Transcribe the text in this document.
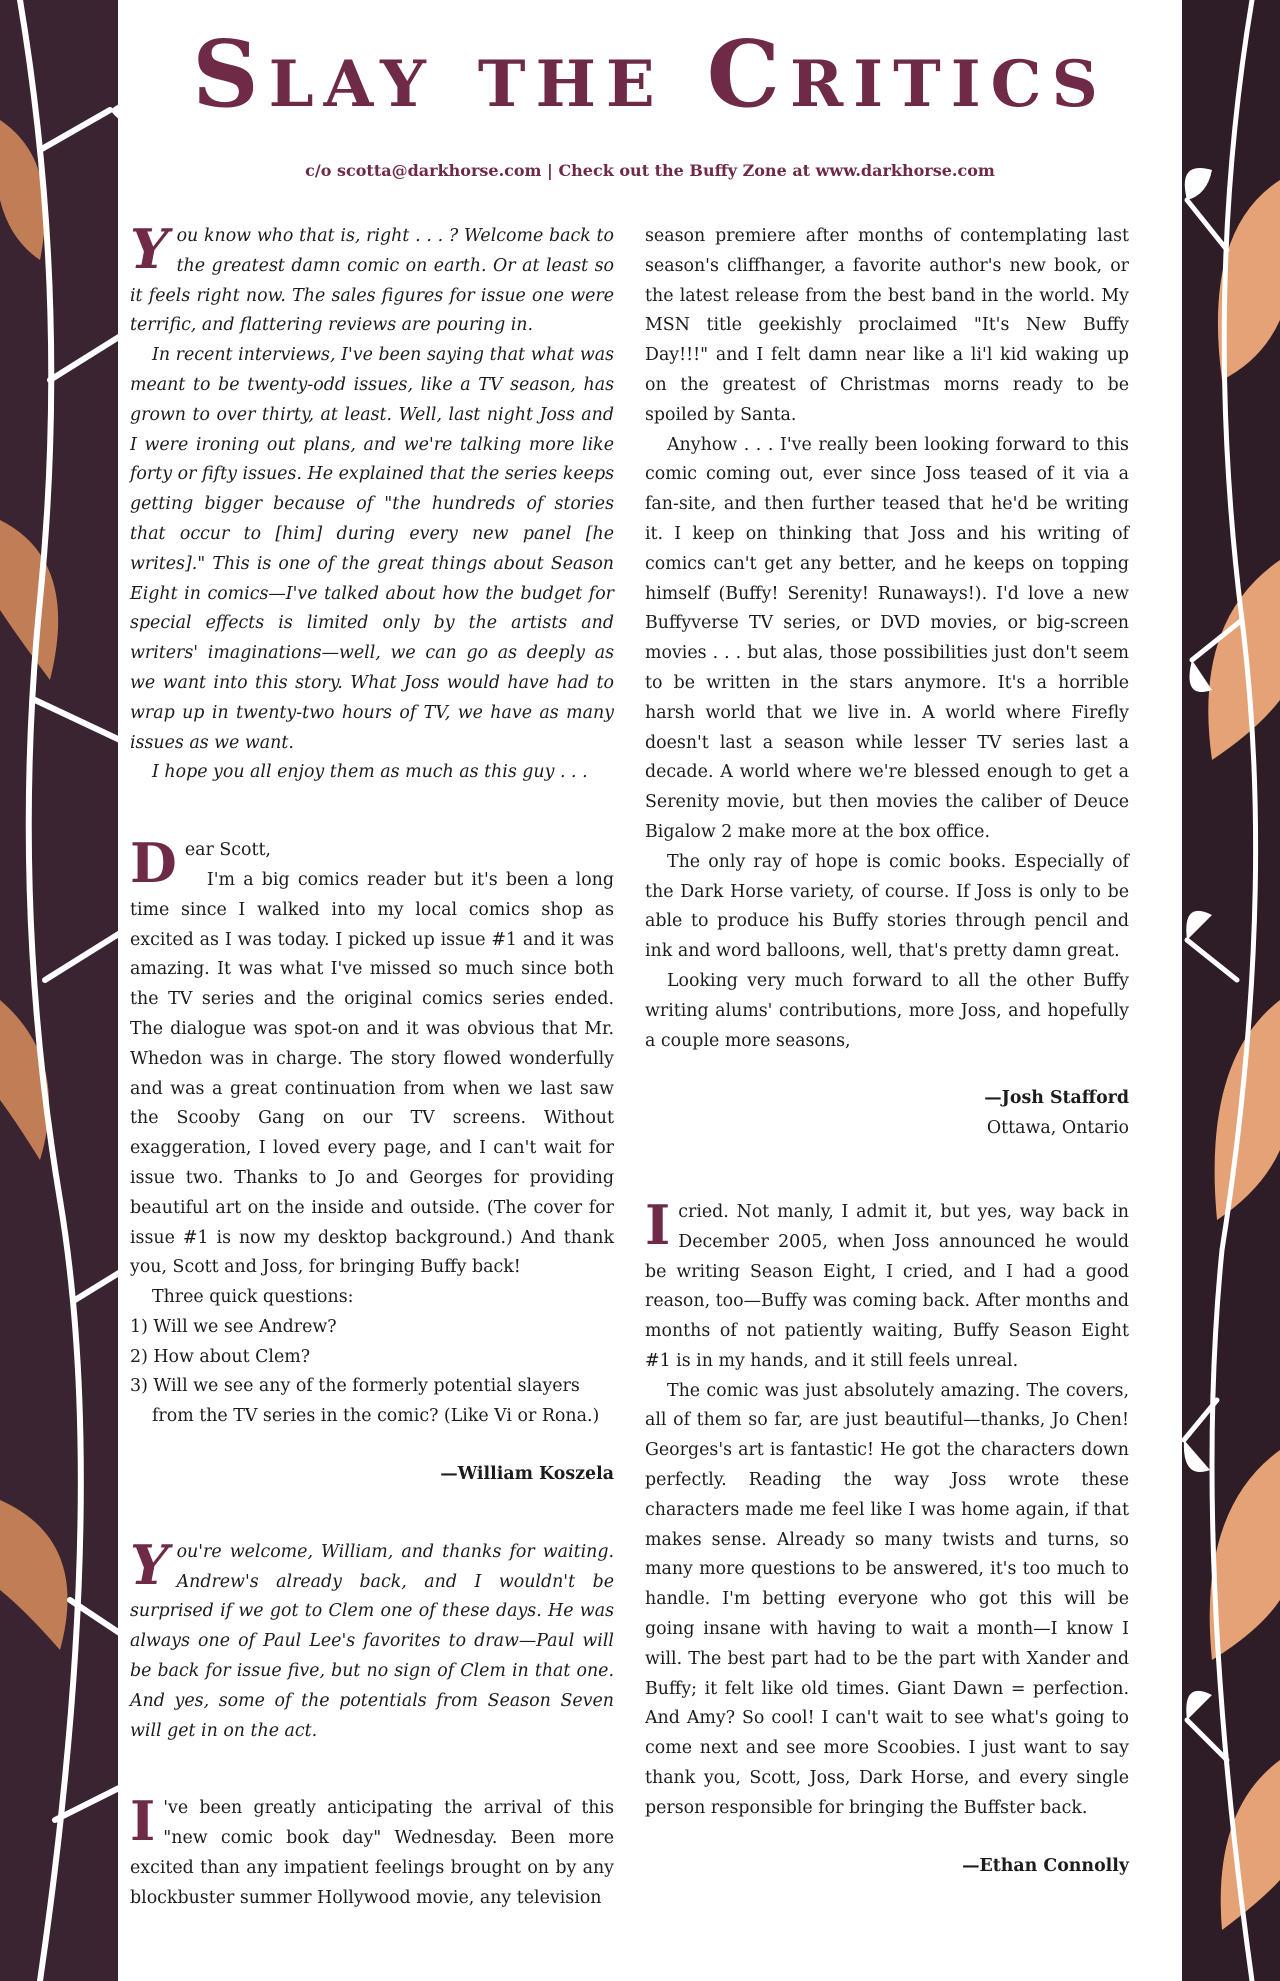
Slay the Critics
c/o scotta@darkhorse.com | Check out the Buffy Zone at www.darkhorse.com

You know who that is, right . . . ? Welcome back to the greatest damn comic on earth. Or at least so it feels right now. The sales figures for issue one were terrific, and flattering reviews are pouring in.

In recent interviews, I've been saying that what was meant to be twenty-odd issues, like a TV season, has grown to over thirty, at least. Well, last night Joss and I were ironing out plans, and we're talking more like forty or fifty issues. He explained that the series keeps getting bigger because of "the hundreds of stories that occur to [him] during every new panel [he writes]." This is one of the great things about Season Eight in comics—I've talked about how the budget for special effects is limited only by the artists and writers' imaginations—well, we can go as deeply as we want into this story. What Joss would have had to wrap up in twenty-two hours of TV, we have as many issues as we want.

I hope you all enjoy them as much as this guy . . .

Dear Scott,

I'm a big comics reader but it's been a long time since I walked into my local comics shop as excited as I was today. I picked up issue #1 and it was amazing. It was what I've missed so much since both the TV series and the original comics series ended. The dialogue was spot-on and it was obvious that Mr. Whedon was in charge. The story flowed wonderfully and was a great continuation from when we last saw the Scooby Gang on our TV screens. Without exaggeration, I loved every page, and I can't wait for issue two. Thanks to Jo and Georges for providing beautiful art on the inside and outside. (The cover for issue #1 is now my desktop background.) And thank you, Scott and Joss, for bringing Buffy back!

Three quick questions:

1) Will we see Andrew?

2) How about Clem?

3) Will we see any of the formerly potential slayers from the TV series in the comic? (Like Vi or Rona.)

—William Koszela

You're welcome, William, and thanks for waiting. Andrew's already back, and I wouldn't be surprised if we got to Clem one of these days. He was always one of Paul Lee's favorites to draw—Paul will be back for issue five, but no sign of Clem in that one. And yes, some of the potentials from Season Seven will get in on the act.

I 've been greatly anticipating the arrival of this "new comic book day" Wednesday. Been more excited than any impatient feelings brought on by any blockbuster summer Hollywood movie, any television

season premiere after months of contemplating last season's cliffhanger, a favorite author's new book, or the latest release from the best band in the world. My MSN title geekishly proclaimed "It's New Buffy Day!!!" and I felt damn near like a li'l kid waking up on the greatest of Christmas morns ready to be spoiled by Santa.

Anyhow . . . I've really been looking forward to this comic coming out, ever since Joss teased of it via a fan-site, and then further teased that he'd be writing it. I keep on thinking that Joss and his writing of comics can't get any better, and he keeps on topping himself (Buffy! Serenity! Runaways!). I'd love a new Buffyverse TV series, or DVD movies, or big-screen movies . . . but alas, those possibilities just don't seem to be written in the stars anymore. It's a horrible harsh world that we live in. A world where Firefly doesn't last a season while lesser TV series last a decade. A world where we're blessed enough to get a Serenity movie, but then movies the caliber of Deuce Bigalow 2 make more at the box office.

The only ray of hope is comic books. Especially of the Dark Horse variety, of course. If Joss is only to be able to produce his Buffy stories through pencil and ink and word balloons, well, that's pretty damn great.

Looking very much forward to all the other Buffy writing alums' contributions, more Joss, and hopefully a couple more seasons,

—Josh Stafford

Ottawa, Ontario

Icried. Not manly, I admit it, but yes, way back in December 2005, when Joss announced he would be writing Season Eight, I cried, and I had a good reason, too—Buffy was coming back. After months and months of not patiently waiting, Buffy Season Eight #1 is in my hands, and it still feels unreal.

The comic was just absolutely amazing. The covers, all of them so far, are just beautiful—thanks, Jo Chen! Georges's art is fantastic! He got the characters down perfectly. Reading the way Joss wrote these characters made me feel like I was home again, if that makes sense. Already so many twists and turns, so many more questions to be answered, it's too much to handle. I'm betting everyone who got this will be going insane with having to wait a month—I know I will. The best part had to be the part with Xander and Buffy; it felt like old times. Giant Dawn = perfection. And Amy? So cool! I can't wait to see what's going to come next and see more Scoobies. I just want to say thank you, Scott, Joss, Dark Horse, and every single person responsible for bringing the Buffster back.

—Ethan Connolly
